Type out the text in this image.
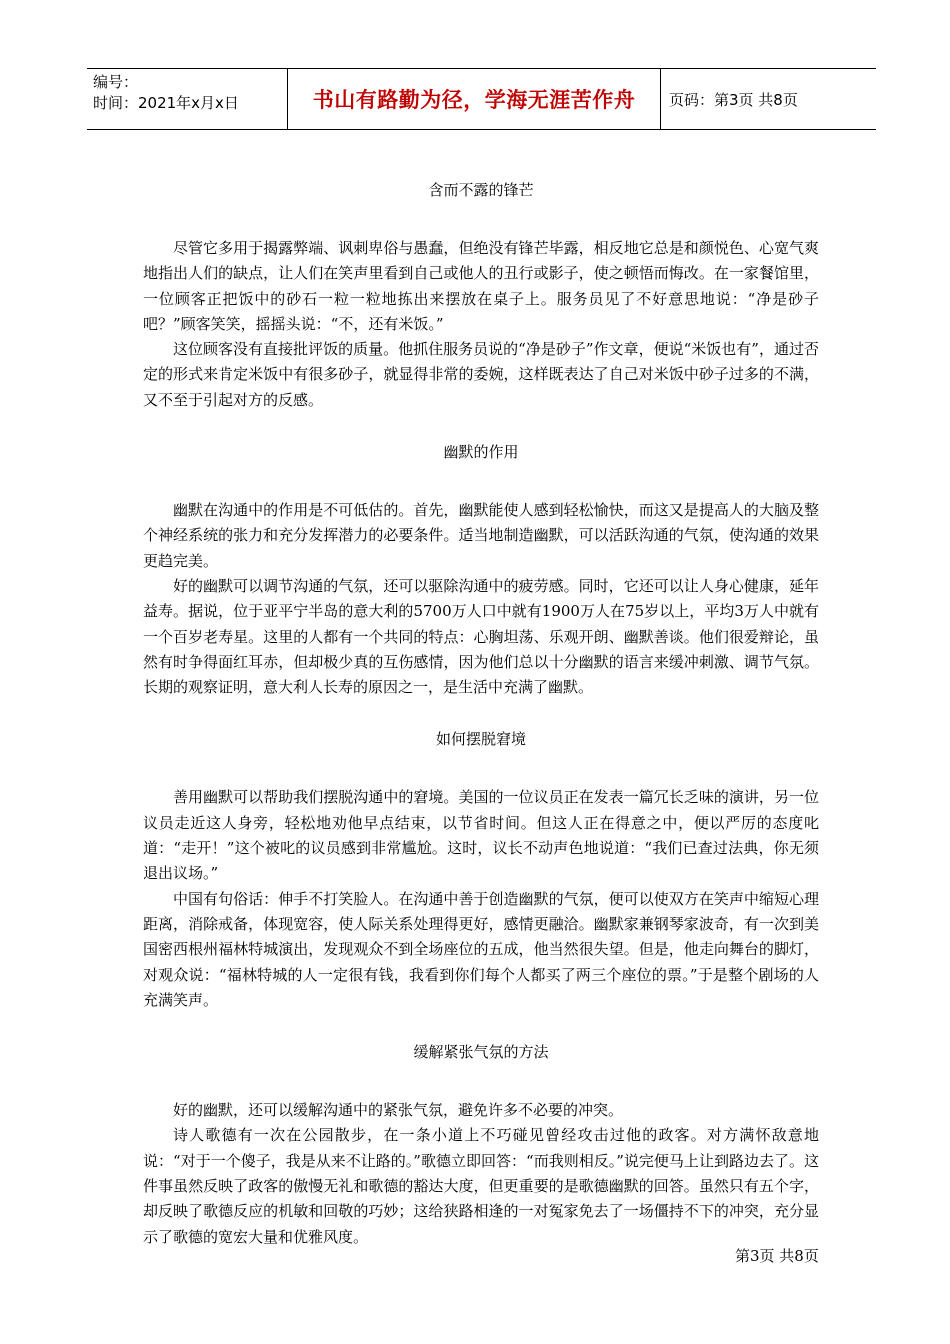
编号：
时间：2021年x月x日	书山有路勤为径，学海无涯苦作舟	页码：第3页 共8页
含而不露的锋芒

尽管它多用于揭露弊端、讽刺卑俗与愚蠢，但绝没有锋芒毕露，相反地它总是和颜悦色、心宽气爽地指出人们的缺点，让人们在笑声里看到自己或他人的丑行或影子，使之顿悟而悔改。在一家餐馆里，一位顾客正把饭中的砂石一粒一粒地拣出来摆放在桌子上。服务员见了不好意思地说：“净是砂子吧？”顾客笑笑，摇摇头说：“不，还有米饭。”

这位顾客没有直接批评饭的质量。他抓住服务员说的“净是砂子”作文章，便说“米饭也有”，通过否定的形式来肯定米饭中有很多砂子，就显得非常的委婉，这样既表达了自己对米饭中砂子过多的不满，又不至于引起对方的反感。

幽默的作用

幽默在沟通中的作用是不可低估的。首先，幽默能使人感到轻松愉快，而这又是提高人的大脑及整个神经系统的张力和充分发挥潜力的必要条件。适当地制造幽默，可以活跃沟通的气氛，使沟通的效果更趋完美。

好的幽默可以调节沟通的气氛，还可以驱除沟通中的疲劳感。同时，它还可以让人身心健康，延年益寿。据说，位于亚平宁半岛的意大利的5700万人口中就有1900万人在75岁以上，平均3万人中就有一个百岁老寿星。这里的人都有一个共同的特点：心胸坦荡、乐观开朗、幽默善谈。他们很爱辩论，虽然有时争得面红耳赤，但却极少真的互伤感情，因为他们总以十分幽默的语言来缓冲刺激、调节气氛。长期的观察证明，意大利人长寿的原因之一，是生活中充满了幽默。

如何摆脱窘境

善用幽默可以帮助我们摆脱沟通中的窘境。美国的一位议员正在发表一篇冗长乏味的演讲，另一位议员走近这人身旁，轻松地劝他早点结束，以节省时间。但这人正在得意之中，便以严厉的态度叱道：“走开！”这个被叱的议员感到非常尴尬。这时，议长不动声色地说道：“我们已查过法典，你无须退出议场。”

中国有句俗话：伸手不打笑脸人。在沟通中善于创造幽默的气氛，便可以使双方在笑声中缩短心理距离，消除戒备，体现宽容，使人际关系处理得更好，感情更融洽。幽默家兼钢琴家波奇，有一次到美国密西根州福林特城演出，发现观众不到全场座位的五成，他当然很失望。但是，他走向舞台的脚灯，对观众说：“福林特城的人一定很有钱，我看到你们每个人都买了两三个座位的票。”于是整个剧场的人充满笑声。

缓解紧张气氛的方法

好的幽默，还可以缓解沟通中的紧张气氛，避免许多不必要的冲突。

诗人歌德有一次在公园散步，在一条小道上不巧碰见曾经攻击过他的政客。对方满怀敌意地说：“对于一个傻子，我是从来不让路的。”歌德立即回答：“而我则相反。”说完便马上让到路边去了。这件事虽然反映了政客的傲慢无礼和歌德的豁达大度，但更重要的是歌德幽默的回答。虽然只有五个字，却反映了歌德反应的机敏和回敬的巧妙；这给狭路相逢的一对冤家免去了一场僵持不下的冲突，充分显示了歌德的宽宏大量和优雅风度。

第3页 共8页
